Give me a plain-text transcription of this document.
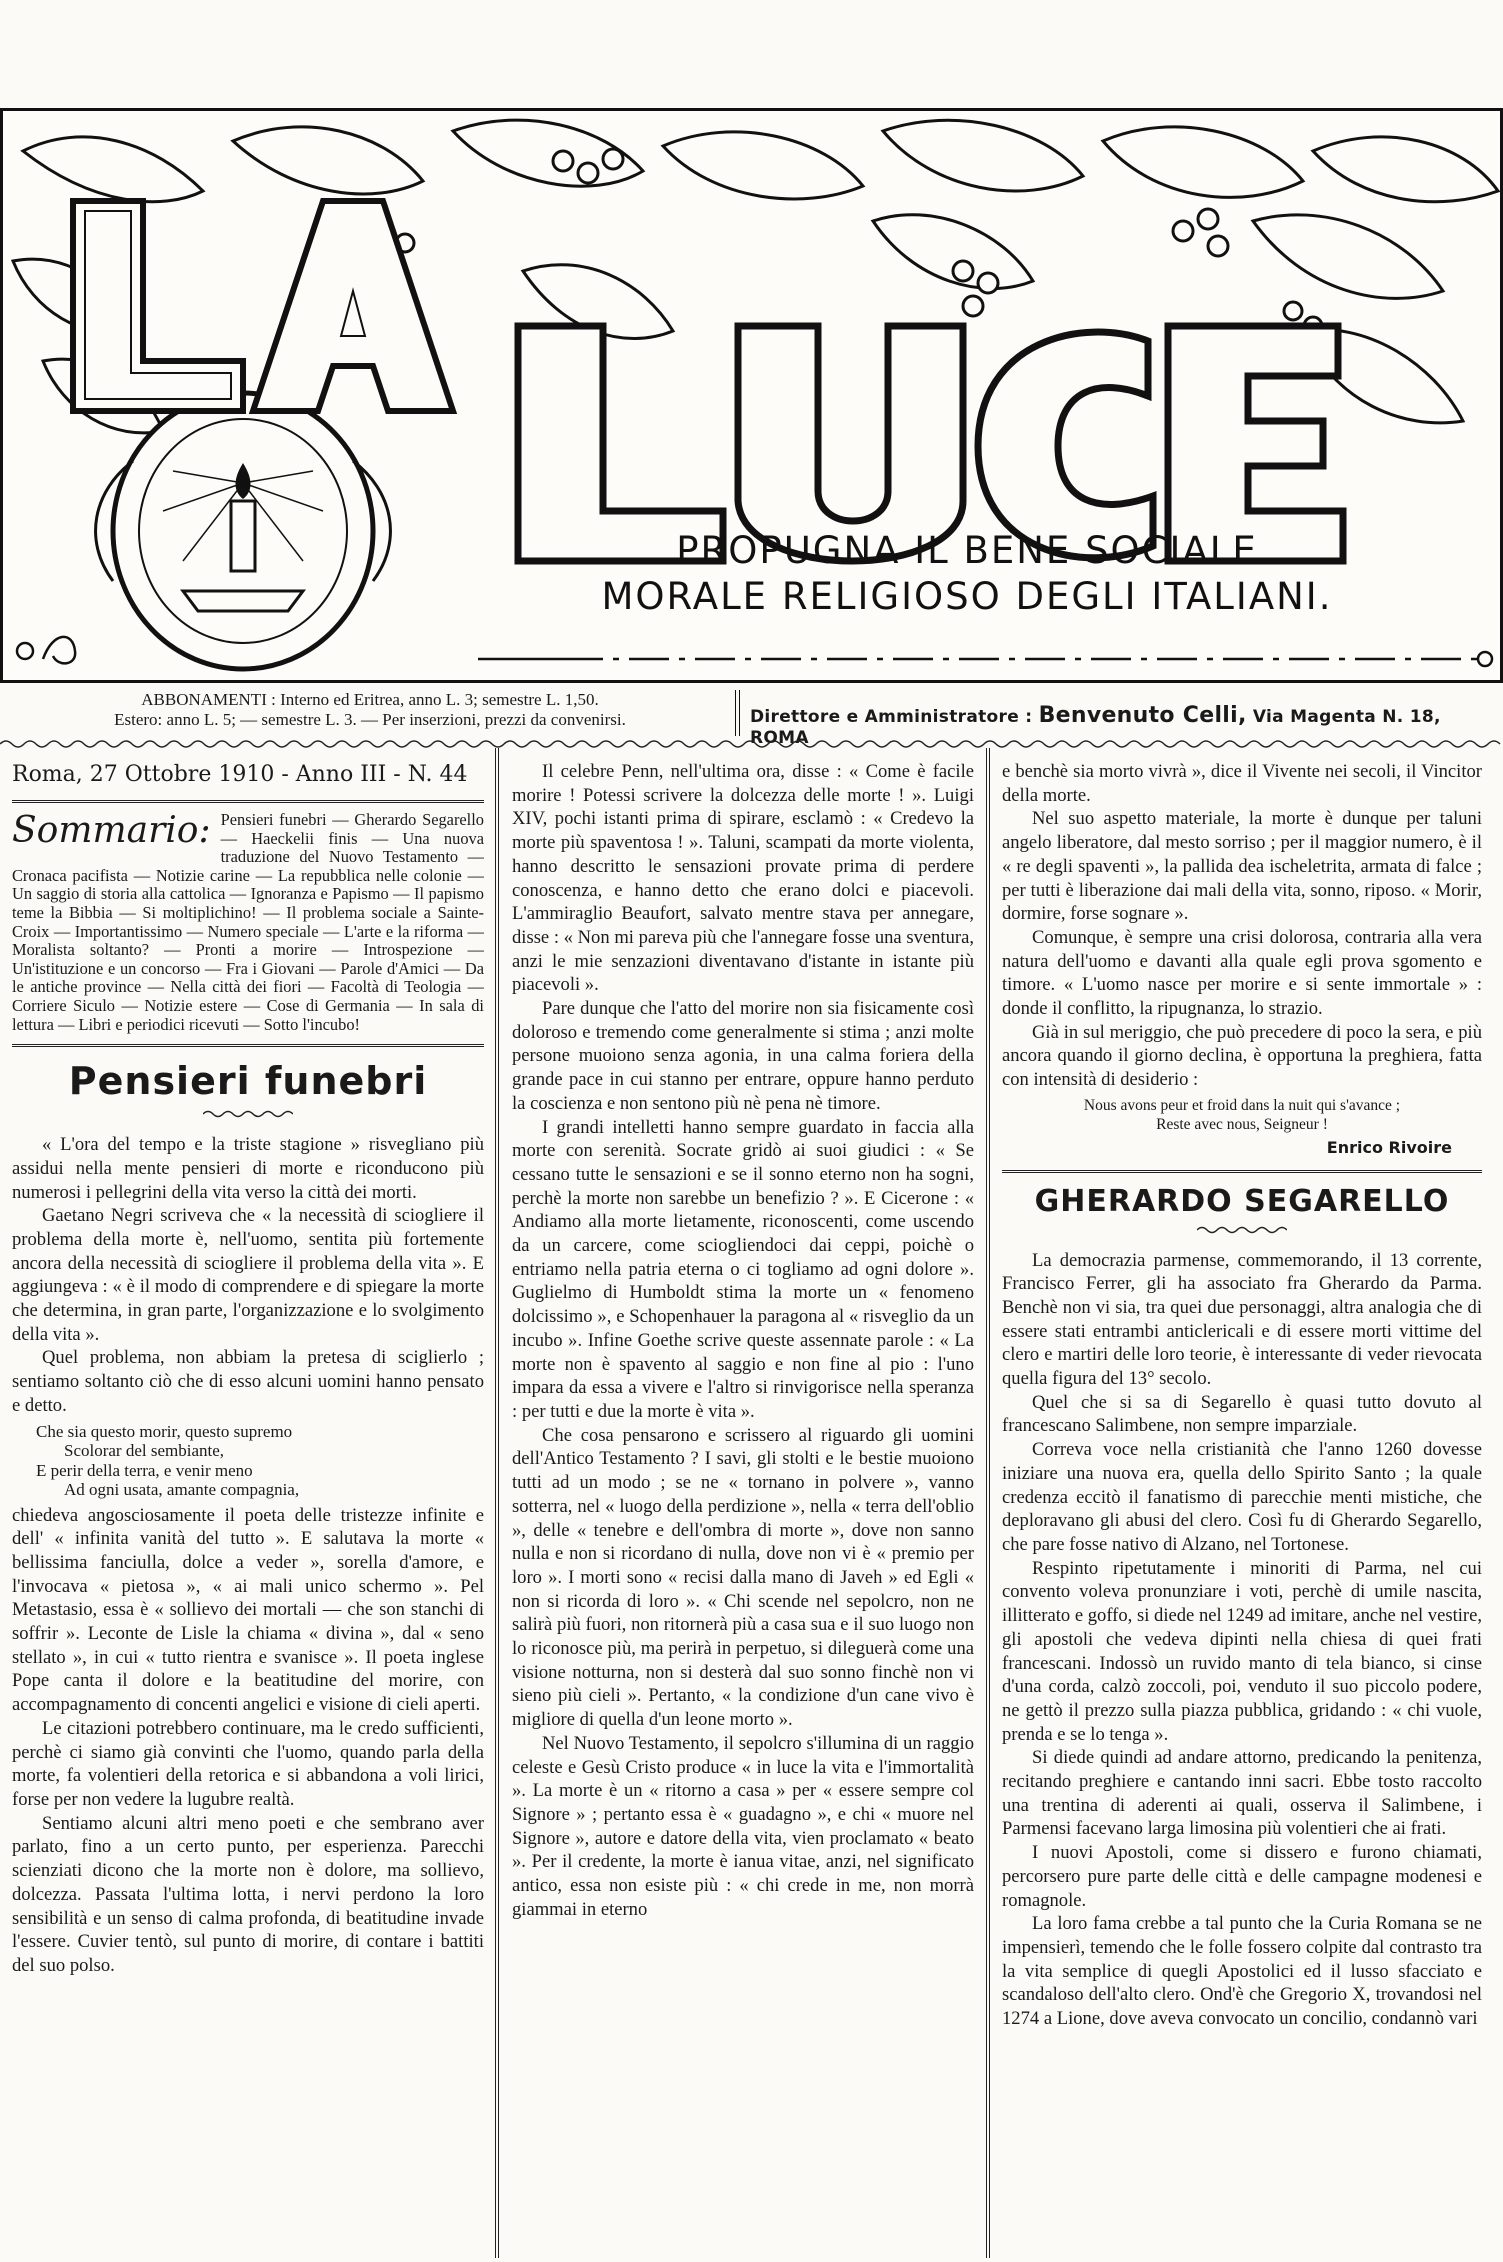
PROPUGNA IL BENE SOCIALE
MORALE RELIGIOSO DEGLI ITALIANI.
ABBONAMENTI : Interno ed Eritrea, anno L. 3; semestre L. 1,50.
Estero: anno L. 5; — semestre L. 3. — Per inserzioni, prezzi da convenirsi.	Direttore e Amministratore : Benvenuto Celli, Via Magenta N. 18, ROMA

Roma, 27 Ottobre 1910 - Anno III - N. 44

Sommario: Pensieri funebri — Gherardo Segarello — Haeckelii finis — Una nuova traduzione del Nuovo Testamento — Cronaca pacifista — Notizie carine — La repubblica nelle colonie — Un saggio di storia alla cattolica — Ignoranza e Papismo — Il papismo teme la Bibbia — Si moltiplichino! — Il problema sociale a Sainte-Croix — Importantissimo — Numero speciale — L'arte e la riforma — Moralista soltanto? — Pronti a morire — Introspezione — Un'istituzione e un concorso — Fra i Giovani — Parole d'Amici — Da le antiche province — Nella città dei fiori — Facoltà di Teologia — Corriere Siculo — Notizie estere — Cose di Germania — In sala di lettura — Libri e periodici ricevuti — Sotto l'incubo!

Pensieri funebri

« L'ora del tempo e la triste stagione » risvegliano più assidui nella mente pensieri di morte e riconducono più numerosi i pellegrini della vita verso la città dei morti.

Gaetano Negri scriveva che « la necessità di sciogliere il problema della morte è, nell'uomo, sentita più fortemente ancora della necessità di sciogliere il problema della vita ». E aggiungeva : « è il modo di comprendere e di spiegare la morte che determina, in gran parte, l'organizzazione e lo svolgimento della vita ».

Quel problema, non abbiam la pretesa di sciglierlo ; sentiamo soltanto ciò che di esso alcuni uomini hanno pensato e detto.

Che sia questo morir, questo supremo
Scolorar del sembiante,
E perir della terra, e venir meno
Ad ogni usata, amante compagnia,

chiedeva angosciosamente il poeta delle tristezze infinite e dell' « infinita vanità del tutto ». E salutava la morte « bellissima fanciulla, dolce a veder », sorella d'amore, e l'invocava « pietosa », « ai mali unico schermo ». Pel Metastasio, essa è « sollievo dei mortali — che son stanchi di soffrir ». Leconte de Lisle la chiama « divina », dal « seno stellato », in cui « tutto rientra e svanisce ». Il poeta inglese Pope canta il dolore e la beatitudine del morire, con accompagnamento di concenti angelici e visione di cieli aperti.

Le citazioni potrebbero continuare, ma le credo sufficienti, perchè ci siamo già convinti che l'uomo, quando parla della morte, fa volentieri della retorica e si abbandona a voli lirici, forse per non vedere la lugubre realtà.

Sentiamo alcuni altri meno poeti e che sembrano aver parlato, fino a un certo punto, per esperienza. Parecchi scienziati dicono che la morte non è dolore, ma sollievo, dolcezza. Passata l'ultima lotta, i nervi perdono la loro sensibilità e un senso di calma profonda, di beatitudine invade l'essere. Cuvier tentò, sul punto di morire, di contare i battiti del suo polso.

Il celebre Penn, nell'ultima ora, disse : « Come è facile morire ! Potessi scrivere la dolcezza delle morte ! ». Luigi XIV, pochi istanti prima di spirare, esclamò : « Credevo la morte più spaventosa ! ». Taluni, scampati da morte violenta, hanno descritto le sensazioni provate prima di perdere conoscenza, e hanno detto che erano dolci e piacevoli. L'ammiraglio Beaufort, salvato mentre stava per annegare, disse : « Non mi pareva più che l'annegare fosse una sventura, anzi le mie senzazioni diventavano d'istante in istante più piacevoli ».

Pare dunque che l'atto del morire non sia fisicamente così doloroso e tremendo come generalmente si stima ; anzi molte persone muoiono senza agonia, in una calma foriera della grande pace in cui stanno per entrare, oppure hanno perduto la coscienza e non sentono più nè pena nè timore.

I grandi intelletti hanno sempre guardato in faccia alla morte con serenità. Socrate gridò ai suoi giudici : « Se cessano tutte le sensazioni e se il sonno eterno non ha sogni, perchè la morte non sarebbe un benefizio ? ». E Cicerone : « Andiamo alla morte lietamente, riconoscenti, come uscendo da un carcere, come sciogliendoci dai ceppi, poichè o entriamo nella patria eterna o ci togliamo ad ogni dolore ». Guglielmo di Humboldt stima la morte un « fenomeno dolcissimo », e Schopenhauer la paragona al « risveglio da un incubo ». Infine Goethe scrive queste assennate parole : « La morte non è spavento al saggio e non fine al pio : l'uno impara da essa a vivere e l'altro si rinvigorisce nella speranza : per tutti e due la morte è vita ».

Che cosa pensarono e scrissero al riguardo gli uomini dell'Antico Testamento ? I savi, gli stolti e le bestie muoiono tutti ad un modo ; se ne « tornano in polvere », vanno sotterra, nel « luogo della perdizione », nella « terra dell'oblio », delle « tenebre e dell'ombra di morte », dove non sanno nulla e non si ricordano di nulla, dove non vi è « premio per loro ». I morti sono « recisi dalla mano di Javeh » ed Egli « non si ricorda di loro ». « Chi scende nel sepolcro, non ne salirà più fuori, non ritornerà più a casa sua e il suo luogo non lo riconosce più, ma perirà in perpetuo, si dileguerà come una visione notturna, non si desterà dal suo sonno finchè non vi sieno più cieli ». Pertanto, « la condizione d'un cane vivo è migliore di quella d'un leone morto ».

Nel Nuovo Testamento, il sepolcro s'illumina di un raggio celeste e Gesù Cristo produce « in luce la vita e l'immortalità ». La morte è un « ritorno a casa » per « essere sempre col Signore » ; pertanto essa è « guadagno », e chi « muore nel Signore », autore e datore della vita, vien proclamato « beato ». Per il credente, la morte è ianua vitae, anzi, nel significato antico, essa non esiste più : « chi crede in me, non morrà giammai in eterno

e benchè sia morto vivrà », dice il Vivente nei secoli, il Vincitor della morte.

Nel suo aspetto materiale, la morte è dunque per taluni angelo liberatore, dal mesto sorriso ; per il maggior numero, è il « re degli spaventi », la pallida dea ischeletrita, armata di falce ; per tutti è liberazione dai mali della vita, sonno, riposo. « Morir, dormire, forse sognare ».

Comunque, è sempre una crisi dolorosa, contraria alla vera natura dell'uomo e davanti alla quale egli prova sgomento e timore. « L'uomo nasce per morire e si sente immortale » : donde il conflitto, la ripugnanza, lo strazio.

Già in sul meriggio, che può precedere di poco la sera, e più ancora quando il giorno declina, è opportuna la preghiera, fatta con intensità di desiderio :

Nous avons peur et froid dans la nuit qui s'avance ;
Reste avec nous, Seigneur !

Enrico Rivoire

GHERARDO SEGARELLO

La democrazia parmense, commemorando, il 13 corrente, Francisco Ferrer, gli ha associato fra Gherardo da Parma. Benchè non vi sia, tra quei due personaggi, altra analogia che di essere stati entrambi anticlericali e di essere morti vittime del clero e martiri delle loro teorie, è interessante di veder rievocata quella figura del 13° secolo.

Quel che si sa di Segarello è quasi tutto dovuto al francescano Salimbene, non sempre imparziale.

Correva voce nella cristianità che l'anno 1260 dovesse iniziare una nuova era, quella dello Spirito Santo ; la quale credenza eccitò il fanatismo di parecchie menti mistiche, che deploravano gli abusi del clero. Così fu di Gherardo Segarello, che pare fosse nativo di Alzano, nel Tortonese.

Respinto ripetutamente i minoriti di Parma, nel cui convento voleva pronunziare i voti, perchè di umile nascita, illitterato e goffo, si diede nel 1249 ad imitare, anche nel vestire, gli apostoli che vedeva dipinti nella chiesa di quei frati francescani. Indossò un ruvido manto di tela bianco, si cinse d'una corda, calzò zoccoli, poi, venduto il suo piccolo podere, ne gettò il prezzo sulla piazza pubblica, gridando : « chi vuole, prenda e se lo tenga ».

Si diede quindi ad andare attorno, predicando la penitenza, recitando preghiere e cantando inni sacri. Ebbe tosto raccolto una trentina di aderenti ai quali, osserva il Salimbene, i Parmensi facevano larga limosina più volentieri che ai frati.

I nuovi Apostoli, come si dissero e furono chiamati, percorsero pure parte delle città e delle campagne modenesi e romagnole.

La loro fama crebbe a tal punto che la Curia Romana se ne impensierì, temendo che le folle fossero colpite dal contrasto tra la vita semplice di quegli Apostolici ed il lusso sfacciato e scandaloso dell'alto clero. Ond'è che Gregorio X, trovandosi nel 1274 a Lione, dove aveva convocato un concilio, condannò vari
